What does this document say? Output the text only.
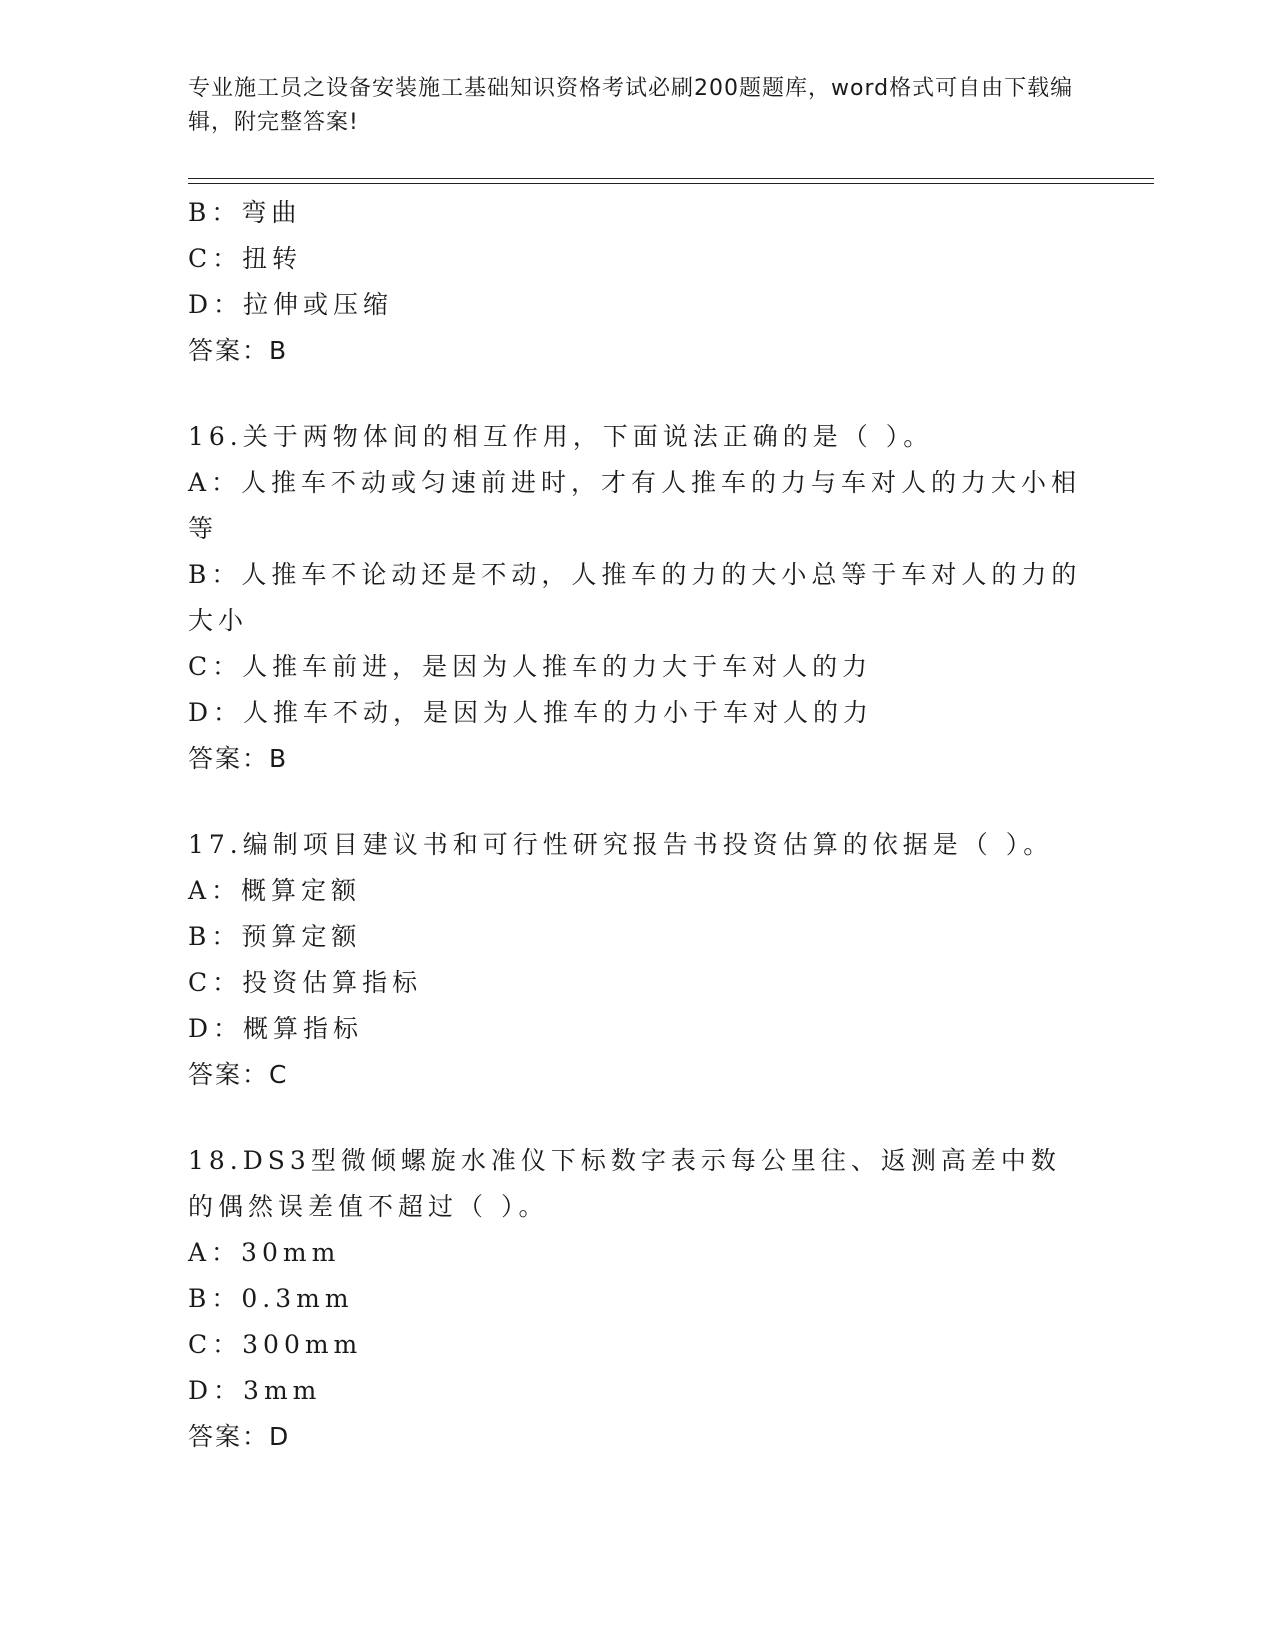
专业施工员之设备安装施工基础知识资格考试必刷200题题库，word格式可自由下载编辑，附完整答案!

B：弯曲

C：扭转

D：拉伸或压缩

答案：B

16.关于两物体间的相互作用，下面说法正确的是（ ）。

A：人推车不动或匀速前进时，才有人推车的力与车对人的力大小相等

B：人推车不论动还是不动，人推车的力的大小总等于车对人的力的大小

C：人推车前进，是因为人推车的力大于车对人的力

D：人推车不动，是因为人推车的力小于车对人的力

答案：B

17.编制项目建议书和可行性研究报告书投资估算的依据是（ ）。

A：概算定额

B：预算定额

C：投资估算指标

D：概算指标

答案：C

18.DS3型微倾螺旋水准仪下标数字表示每公里往、返测高差中数的偶然误差值不超过（ ）。

A：30mm

B：0.3mm

C：300mm

D：3mm

答案：D
